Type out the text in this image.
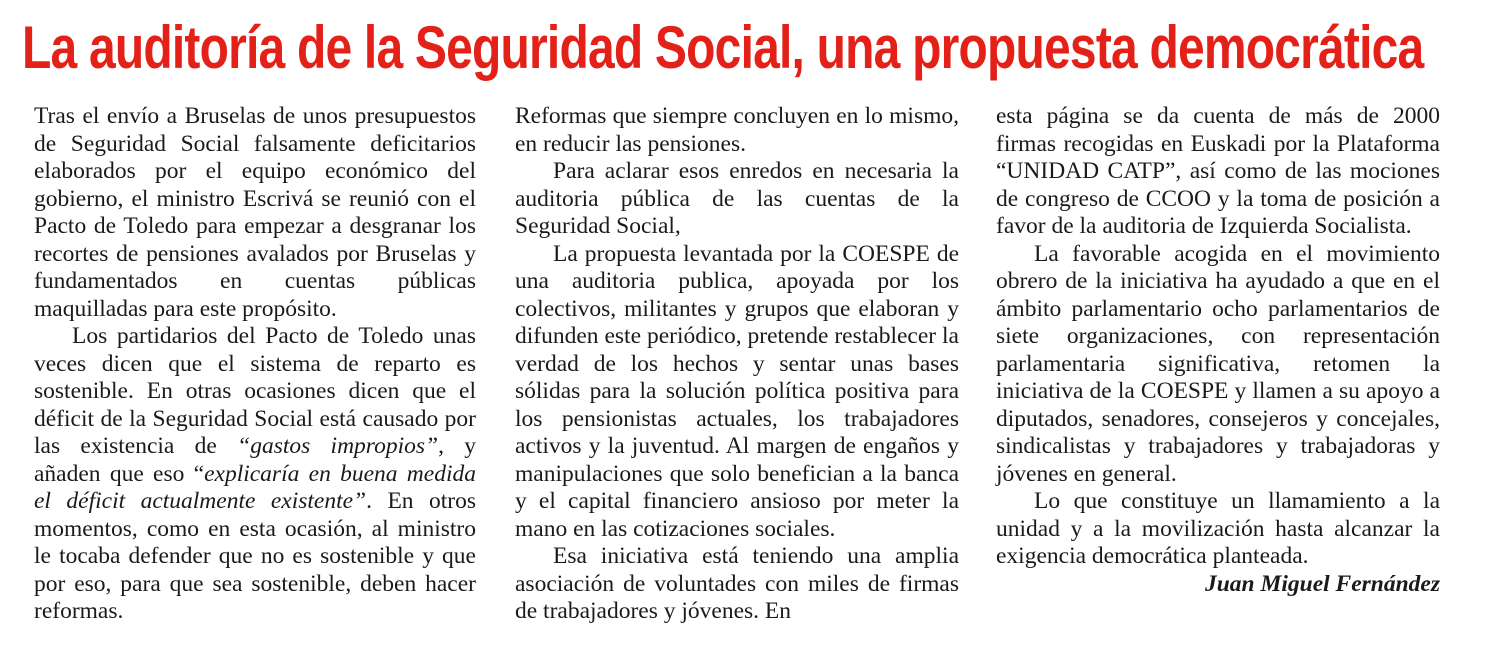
La auditoría de la Seguridad Social, una propuesta democrática

Tras el envío a Bruselas de unos presupuestos de Seguridad Social falsamente deficitarios elaborados por el equipo económico del gobierno, el ministro Escrivá se reunió con el Pacto de Toledo para empezar a desgranar los recortes de pensiones avalados por Bruselas y fundamentados en cuentas públicas maquilladas para este propósito.

Los partidarios del Pacto de Toledo unas veces dicen que el sistema de reparto es sostenible. En otras ocasiones dicen que el déficit de la Seguridad Social está causado por las existencia de “gastos impropios”, y añaden que eso “explicaría en buena medida el déficit actualmente existente”. En otros momentos, como en esta ocasión, al ministro le tocaba defender que no es sostenible y que por eso, para que sea sostenible, deben hacer reformas.

Reformas que siempre concluyen en lo mismo, en reducir las pensiones.

Para aclarar esos enredos en necesaria la auditoria pública de las cuentas de la Seguridad Social,

La propuesta levantada por la COESPE de una auditoria publica, apoyada por los colectivos, militantes y grupos que elaboran y difunden este periódico, pretende restablecer la verdad de los hechos y sentar unas bases sólidas para la solución política positiva para los pensionistas actuales, los trabajadores activos y la juventud. Al margen de engaños y manipulaciones que solo benefician a la banca y el capital financiero ansioso por meter la mano en las cotizaciones sociales.

Esa iniciativa está teniendo una amplia asociación de voluntades con miles de firmas de trabajadores y jóvenes. En

esta página se da cuenta de más de 2000 firmas recogidas en Euskadi por la Plataforma “UNIDAD CATP”, así como de las mociones de congreso de CCOO y la toma de posición a favor de la auditoria de Izquierda Socialista.

La favorable acogida en el movimiento obrero de la iniciativa ha ayudado a que en el ámbito parlamentario ocho parlamentarios de siete organizaciones, con representación parlamentaria significativa, retomen la iniciativa de la COESPE y llamen a su apoyo a diputados, senadores, consejeros y concejales, sindicalistas y trabajadores y trabajadoras y jóvenes en general.

Lo que constituye un llamamiento a la unidad y a la movilización hasta alcanzar la exigencia democrática planteada.

Juan Miguel Fernández
